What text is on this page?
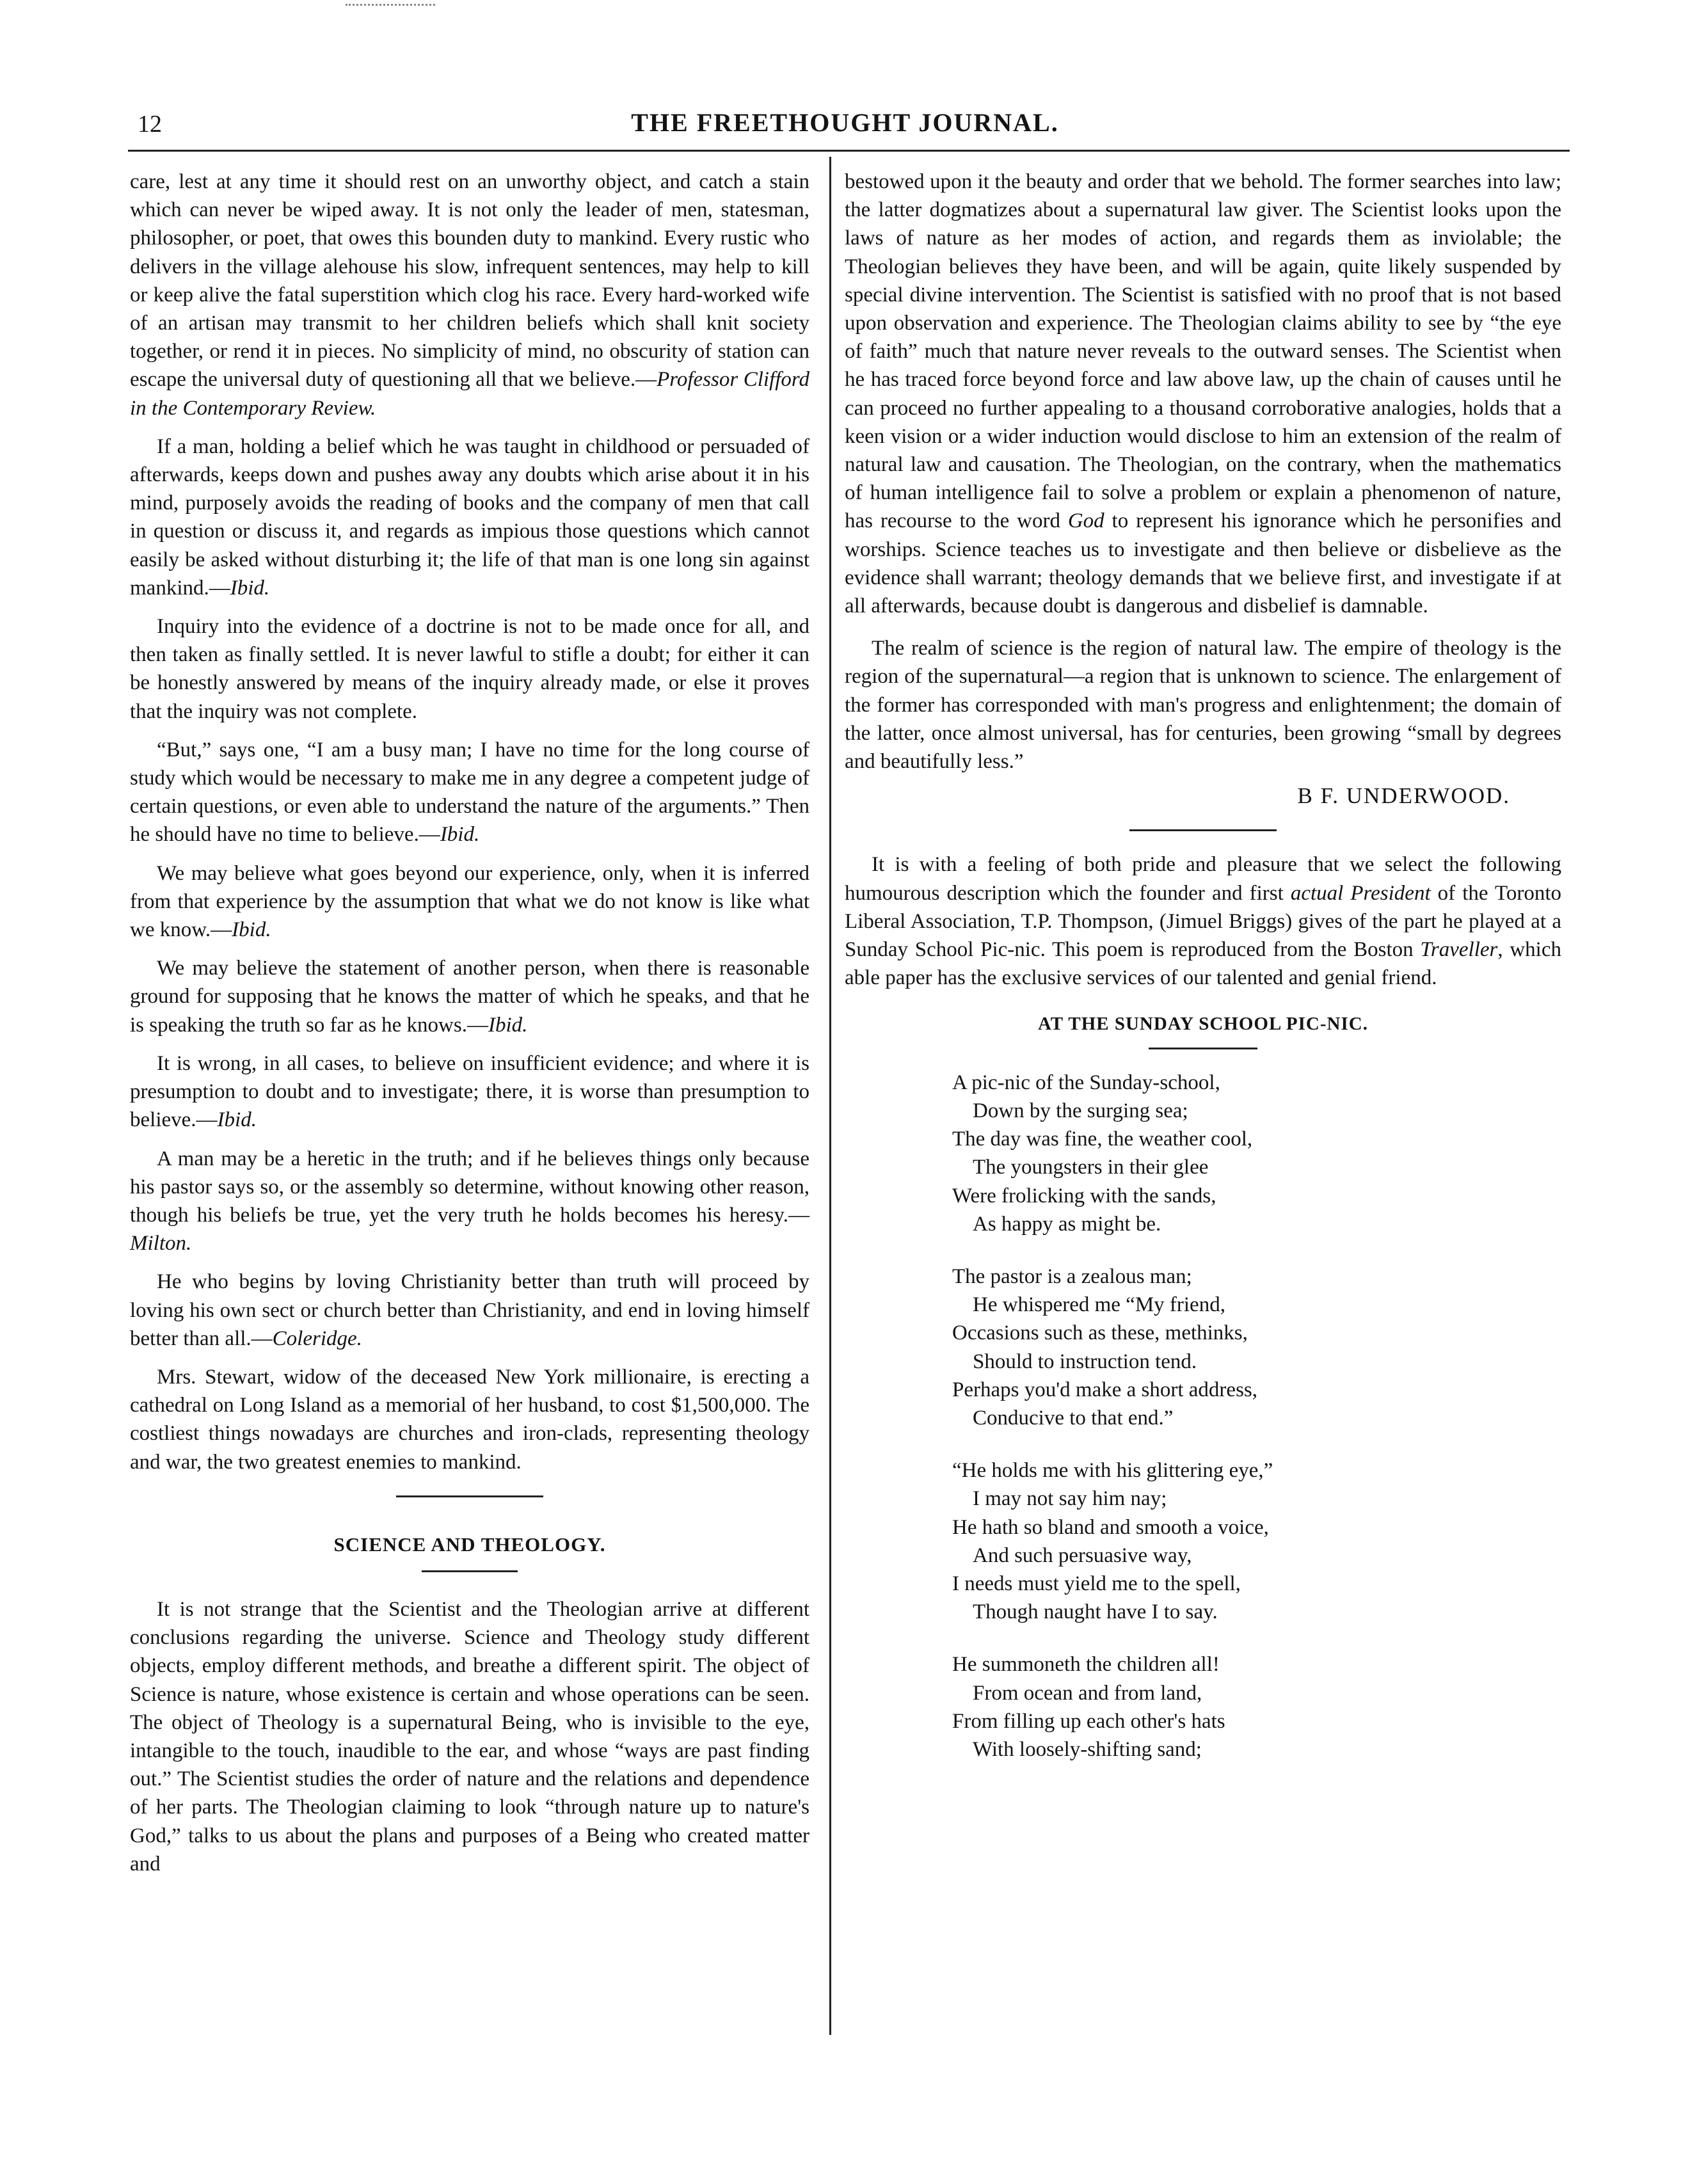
12	THE FREETHOUGHT JOURNAL.

care, lest at any time it should rest on an unworthy object, and catch a stain which can never be wiped away. It is not only the leader of men, statesman, philosopher, or poet, that owes this bounden duty to mankind. Every rustic who delivers in the village alehouse his slow, infrequent sentences, may help to kill or keep alive the fatal superstition which clog his race. Every hard-worked wife of an artisan may transmit to her children beliefs which shall knit society together, or rend it in pieces. No simplicity of mind, no obscurity of station can escape the universal duty of questioning all that we believe.—Professor Clifford in the Contemporary Review.

If a man, holding a belief which he was taught in childhood or persuaded of afterwards, keeps down and pushes away any doubts which arise about it in his mind, purposely avoids the reading of books and the company of men that call in question or discuss it, and regards as impious those questions which cannot easily be asked without disturbing it; the life of that man is one long sin against mankind.—Ibid.

Inquiry into the evidence of a doctrine is not to be made once for all, and then taken as finally settled. It is never lawful to stifle a doubt; for either it can be honestly answered by means of the inquiry already made, or else it proves that the inquiry was not complete.

“But,” says one, “I am a busy man; I have no time for the long course of study which would be necessary to make me in any degree a competent judge of certain questions, or even able to understand the nature of the arguments.” Then he should have no time to believe.—Ibid.

We may believe what goes beyond our experience, only, when it is inferred from that experience by the assumption that what we do not know is like what we know.—Ibid.

We may believe the statement of another person, when there is reasonable ground for supposing that he knows the matter of which he speaks, and that he is speaking the truth so far as he knows.—Ibid.

It is wrong, in all cases, to believe on insufficient evidence; and where it is presumption to doubt and to investigate; there, it is worse than presumption to believe.—Ibid.

A man may be a heretic in the truth; and if he believes things only because his pastor says so, or the assembly so determine, without knowing other reason, though his beliefs be true, yet the very truth he holds becomes his heresy.—Milton.

He who begins by loving Christianity better than truth will proceed by loving his own sect or church better than Christianity, and end in loving himself better than all.—Coleridge.

Mrs. Stewart, widow of the deceased New York millionaire, is erecting a cathedral on Long Island as a memorial of her husband, to cost $1,500,000. The costliest things nowadays are churches and iron-clads, representing theology and war, the two greatest enemies to mankind.

SCIENCE AND THEOLOGY.

It is not strange that the Scientist and the Theologian arrive at different conclusions regarding the universe. Science and Theology study different objects, employ different methods, and breathe a different spirit. The object of Science is nature, whose existence is certain and whose operations can be seen. The object of Theology is a supernatural Being, who is invisible to the eye, intangible to the touch, inaudible to the ear, and whose “ways are past finding out.” The Scientist studies the order of nature and the relations and dependence of her parts. The Theologian claiming to look “through nature up to nature's God,” talks to us about the plans and purposes of a Being who created matter and

bestowed upon it the beauty and order that we behold. The former searches into law; the latter dogmatizes about a supernatural law giver. The Scientist looks upon the laws of nature as her modes of action, and regards them as inviolable; the Theologian believes they have been, and will be again, quite likely suspended by special divine intervention. The Scientist is satisfied with no proof that is not based upon observation and experience. The Theologian claims ability to see by “the eye of faith” much that nature never reveals to the outward senses. The Scientist when he has traced force beyond force and law above law, up the chain of causes until he can proceed no further appealing to a thousand corroborative analogies, holds that a keen vision or a wider induction would disclose to him an extension of the realm of natural law and causation. The Theologian, on the contrary, when the mathematics of human intelligence fail to solve a problem or explain a phenomenon of nature, has recourse to the word God to represent his ignorance which he personifies and worships. Science teaches us to investigate and then believe or disbelieve as the evidence shall warrant; theology demands that we believe first, and investigate if at all afterwards, because doubt is dangerous and disbelief is damnable.

The realm of science is the region of natural law. The empire of theology is the region of the supernatural—a region that is unknown to science. The enlargement of the former has corresponded with man's progress and enlightenment; the domain of the latter, once almost universal, has for centuries, been growing “small by degrees and beautifully less.”

B F. UNDERWOOD.

It is with a feeling of both pride and pleasure that we select the following humourous description which the founder and first actual President of the Toronto Liberal Association, T.P. Thompson, (Jimuel Briggs) gives of the part he played at a Sunday School Pic-nic. This poem is reproduced from the Boston Traveller, which able paper has the exclusive services of our talented and genial friend.

AT THE SUNDAY SCHOOL PIC-NIC.
A pic-nic of the Sunday-school,
Down by the surging sea;
The day was fine, the weather cool,
The youngsters in their glee
Were frolicking with the sands,
As happy as might be.
The pastor is a zealous man;
He whispered me “My friend,
Occasions such as these, methinks,
Should to instruction tend.
Perhaps you'd make a short address,
Conducive to that end.”
“He holds me with his glittering eye,”
I may not say him nay;
He hath so bland and smooth a voice,
And such persuasive way,
I needs must yield me to the spell,
Though naught have I to say.
He summoneth the children all!
From ocean and from land,
From filling up each other's hats
With loosely-shifting sand;
